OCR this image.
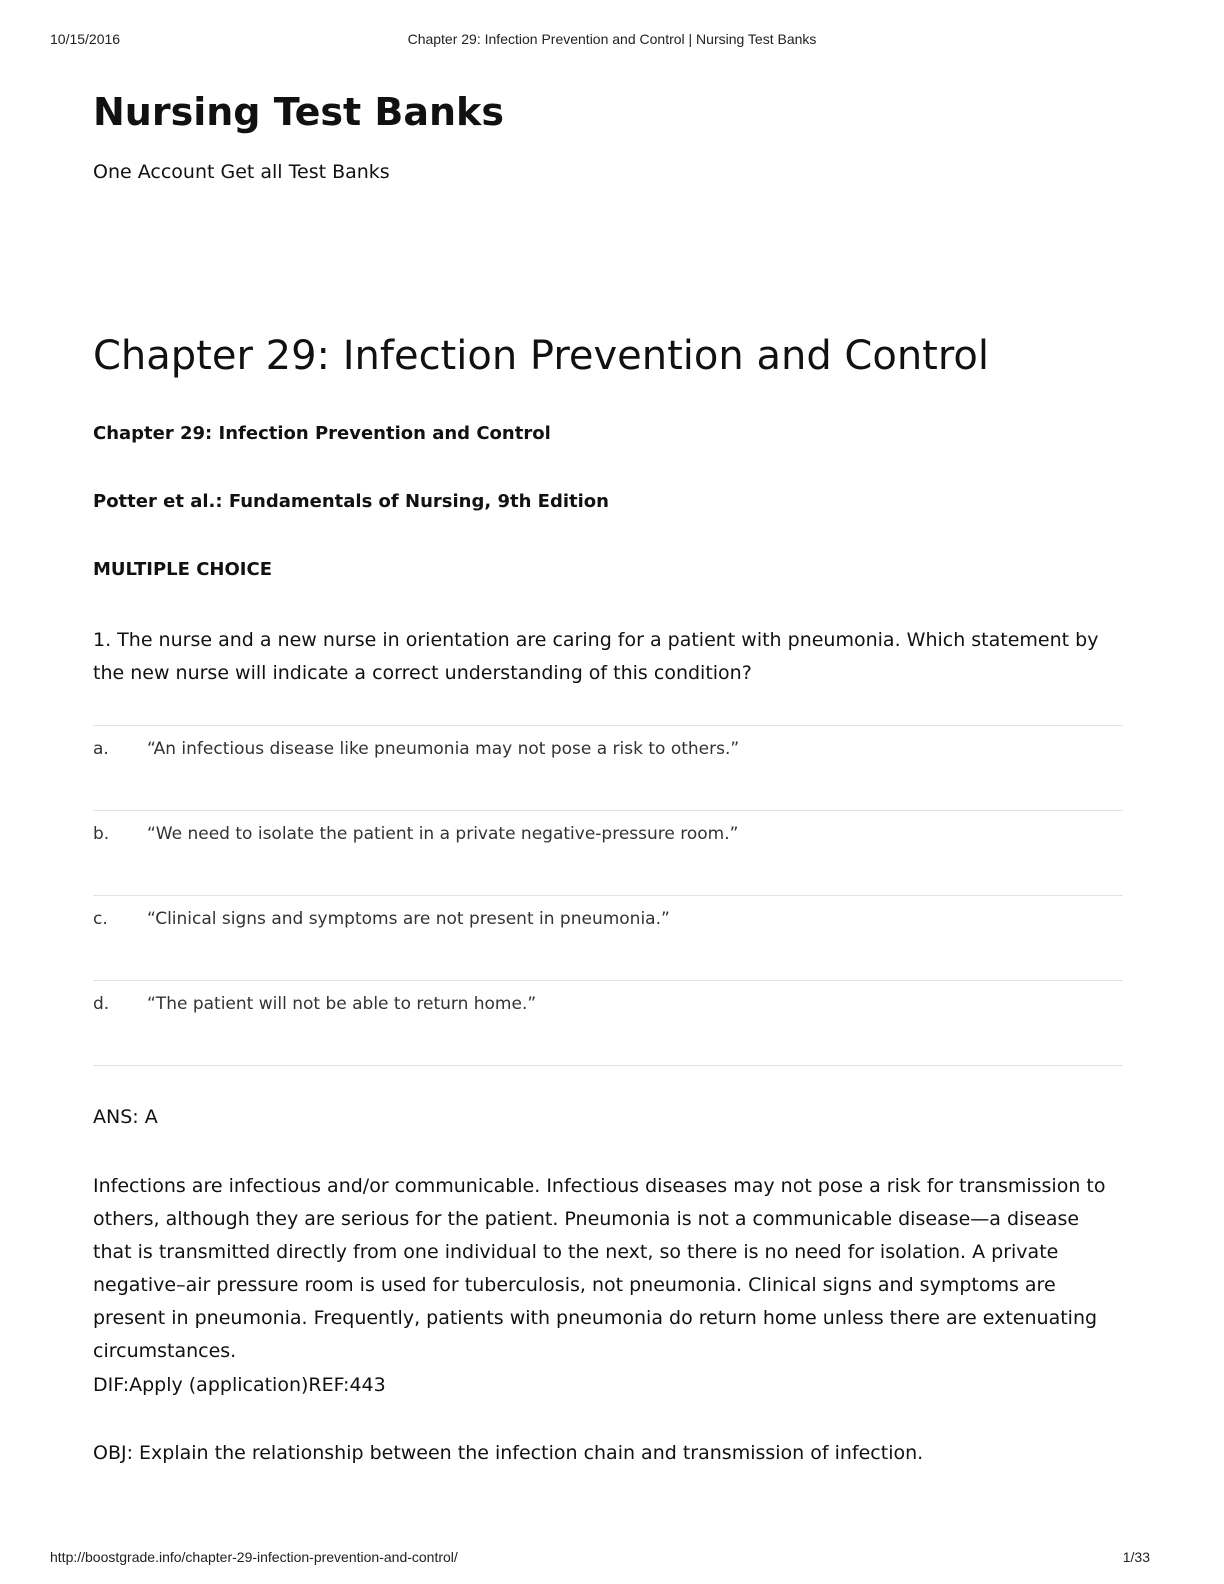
10/15/2016	Chapter 29: Infection Prevention and Control | Nursing Test Banks
Nursing Test Banks
One Account Get all Test Banks
Chapter 29: Infection Prevention and Control
Chapter 29: Infection Prevention and Control
Potter et al.: Fundamentals of Nursing, 9th Edition
MULTIPLE CHOICE
1. The nurse and a new nurse in orientation are caring for a patient with pneumonia. Which statement by the new nurse will indicate a correct understanding of this condition?
a. “An infectious disease like pneumonia may not pose a risk to others.”
b. “We need to isolate the patient in a private negative-pressure room.”
c. “Clinical signs and symptoms are not present in pneumonia.”
d. “The patient will not be able to return home.”
ANS: A
Infections are infectious and/or communicable. Infectious diseases may not pose a risk for transmission to others, although they are serious for the patient. Pneumonia is not a communicable disease—a disease that is transmitted directly from one individual to the next, so there is no need for isolation. A private negative–air pressure room is used for tuberculosis, not pneumonia. Clinical signs and symptoms are present in pneumonia. Frequently, patients with pneumonia do return home unless there are extenuating circumstances.
DIF:Apply (application)REF:443
OBJ: Explain the relationship between the infection chain and transmission of infection.
http://boostgrade.info/chapter-29-infection-prevention-and-control/	1/33
